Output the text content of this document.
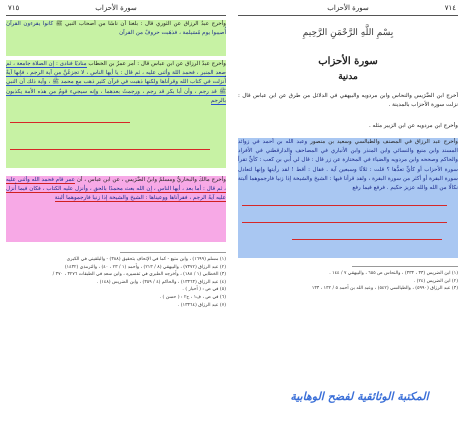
سورة الأحزاب
٧١٥
وأخرج عبدُ الرزاق عن الثوري قال : بلغنا أن ناسًا من أصحاب النبي ﷺ كانوا يقرءون القرآنَ أُصيبوا يوم مُسَيلمة ، فذهَبت حروفٌ من القرآن
وأخرج عبدُ الرزاق عن ابن عباس قال : أمر عمرُ بن الخطاب مناديًا فنادى : إن الصلاة جامعة ، ثم صعد المنبر ، فحمد اللهَ وأثنى عليه ، ثم قال : يا أيها الناس ، لا تجزعُنَّ من آية الرجم ، فإنها آيةٌ أُنزلت في كتاب الله وقرأناها ولكنها ذهبت في قرآن كثير ذهب مع محمد ﷺ ، وآية ذلك أن النبي ﷺ قد رجم ، وأن أبا بكر قد رجم ، ورجمتُ بعدهما ، وإنه سيجيء قومٌ من هذه الأمة يكذبون بالرجم
وأخرج مالكٌ والبخاريُّ ومسلمٌ وابنُ الضُّرَيس ، عن ابن عباس ، أن عمر قام فحمد الله وأثنى عليه ، ثم قال : أما بعد ، أيها الناس ، إن الله بعث محمدًا بالحق ، وأنزل عليه الكتاب ، فكان فيما أُنزل عليه آيةُ الرجم ، فقرأناها ووعيناها : الشيخ والشيخة إذا زنيا فارجموهما ألبتة

(١) مسلم (١٦٩٩) ، وابن منيع - كما في الإتحاف بتحقيق (٣٨٨) - والبلقيني في الكبرى

(٢) عبد الرزاق (٧٣٧٢) ، والبيهقي (٨ / ٢١٣) ، وأحمد (١ / ٢٣ ، ٤٠) ، والترمذي (١٤٣٢)

(٣) الخطابي (١ / ١٨٨) ، وأخرجه الطبري في تفسيره ، وابن سعد في الطبقات ٣٢٧٦ ، ٣٧٠ /

(٤) عبد الرزاق (١٣٣٦٣) ، والحاكم (٤ / ٣٥٩) ، وابن الضريس (١٤٨) .

(٥) في ص : ( أحبار ) .

(٦) في ص ، ف١ ، ح٢ : ( حسن ) .

(٧) عبد الرزاق (١٣٣٦٤) .

سورة الأحزاب	٧١٤
بِسْمِ اللَّهِ الرَّحْمَنِ الرَّحِيمِ
سورة الأحزاب
مدنية
أخرج ابن الضُّرَيس والنحاس وابن مردويه والبيهقي في الدلائل من طرق عن ابن عباس قال : نزلت سورة الأحزاب بالمدينة .
وأخرج ابن مردويه عن ابن الزبير مثله .
وأخرج عبد الرزاق في المصنف والطيالسي وسعيد بن منصور وعبد الله بن أحمد في زوائد المسند وابن منيع والنسائي وابن المنذر وابن الأنباري في المصاحف والدارقطني في الأفراد والحاكم وصححه وابن مردويه والضياء في المختارة عن زر قال : قال لي أُبي بن كعب : كأيٍّ تقرأ سورة الأحزاب أو كأيٍّ تعدُّها ؟ قلت : ثلاثًا وسبعين آية . فقال : أقط ! لقد رأيتها وإنها لتعادل سورة البقرة أو أكثر من سورة البقرة ، ولقد قرأنا فيها : الشيخ والشيخة إذا زنيا فارجموهما ألبتة نكالًا من الله والله عزيز حكيم . فرفع فيما رفع

(١) ابن الضريس (٣٣ ، ٣٣٣) ، والنحاس ص ٦٥٥ ، والبيهقي ٧ / ١٤٤ .

(٢) ابن الضريس (٢٤) .

(٣) عبد الرزاق (٥٩٩٠) ، والطيالسي (٥٤٢) ، وعبد الله بن أحمد ٥ / ١٣٢ ، ١٣٣

المكتبة الوثائقية لفضح الوهابية
